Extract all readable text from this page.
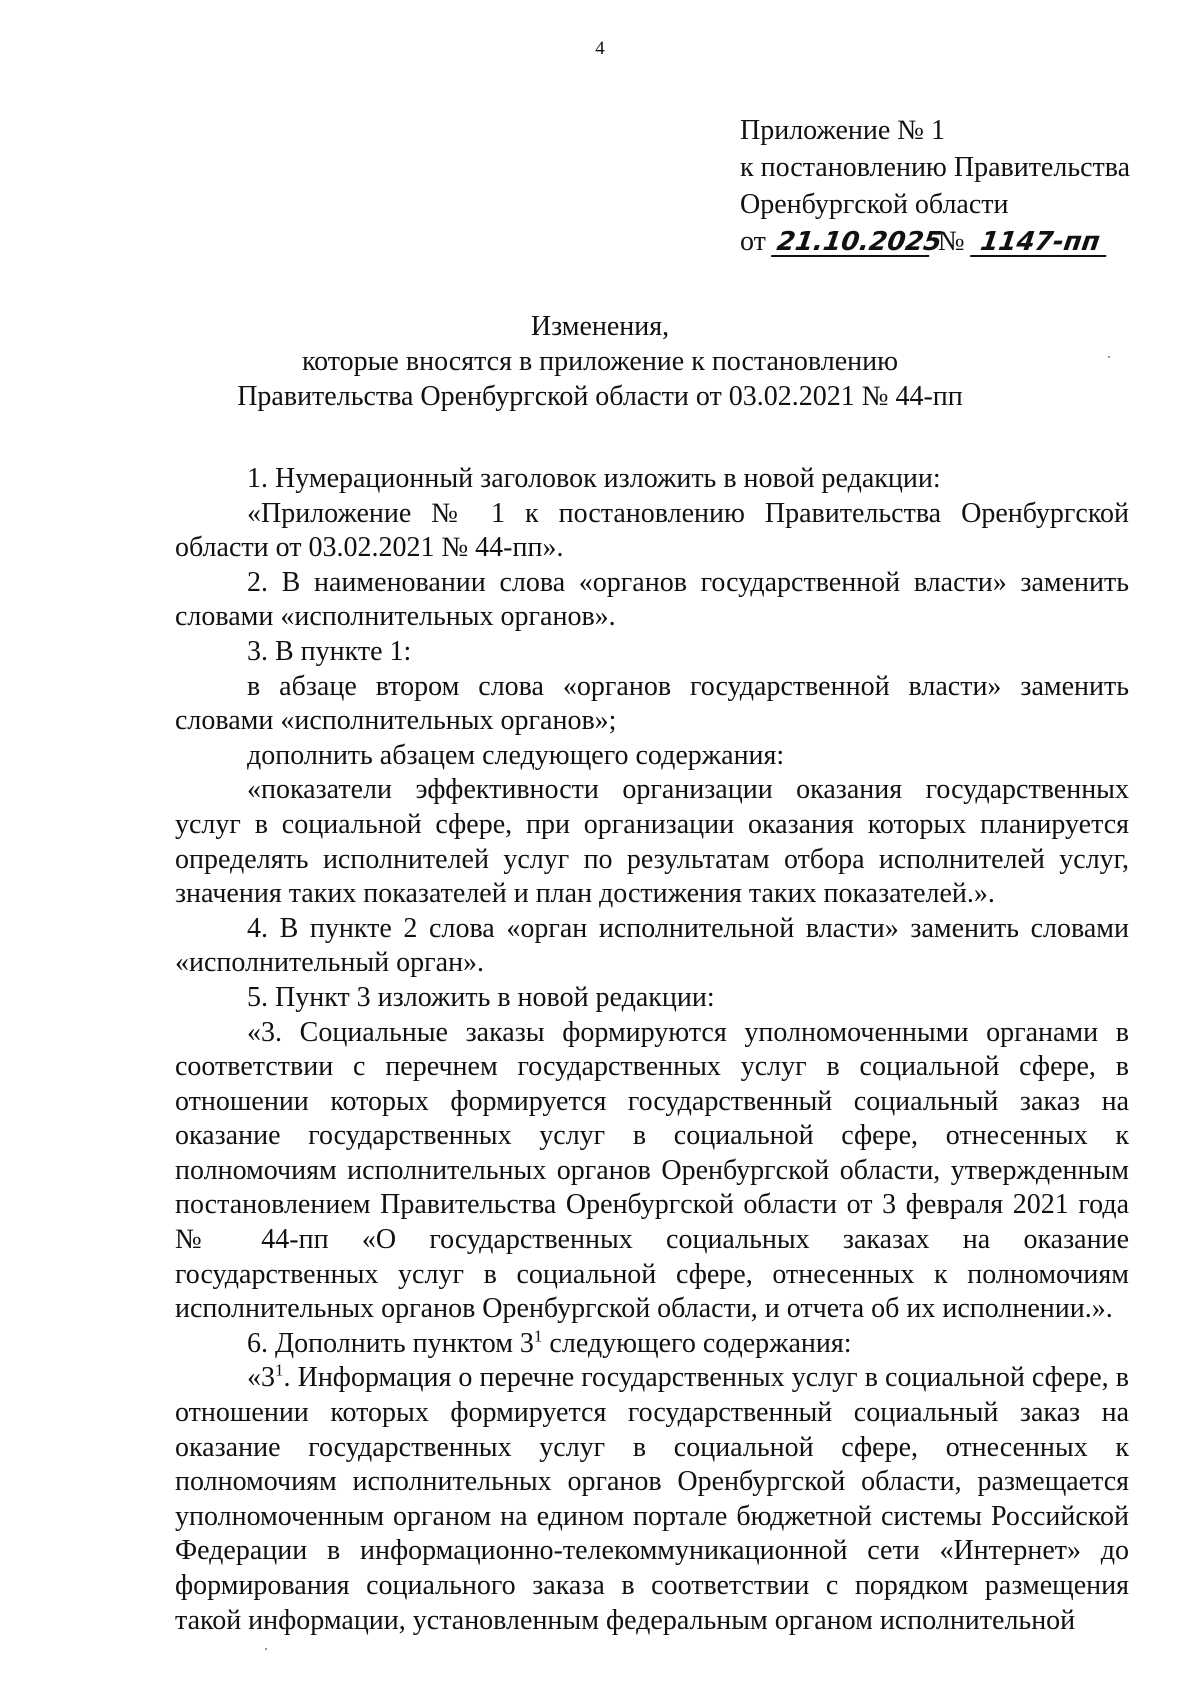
4
Приложение № 1
к постановлению Правительства
Оренбургской области
от 21.10.2025 № 1147-пп
Изменения,
которые вносятся в приложение к постановлению
Правительства Оренбургской области от 03.02.2021 № 44-пп

1. Нумерационный заголовок изложить в новой редакции:

«Приложение № 1 к постановлению Правительства Оренбургской области от 03.02.2021 № 44-пп».

2. В наименовании слова «органов государственной власти» заменить словами «исполнительных органов».

3. В пункте 1:

в абзаце втором слова «органов государственной власти» заменить словами «исполнительных органов»;

дополнить абзацем следующего содержания:

«показатели эффективности организации оказания государственных услуг в социальной сфере, при организации оказания которых планируется определять исполнителей услуг по результатам отбора исполнителей услуг, значения таких показателей и план достижения таких показателей.».

4. В пункте 2 слова «орган исполнительной власти» заменить словами «исполнительный орган».

5. Пункт 3 изложить в новой редакции:

«3. Социальные заказы формируются уполномоченными органами в соответствии с перечнем государственных услуг в социальной сфере, в отношении которых формируется государственный социальный заказ на оказание государственных услуг в социальной сфере, отнесенных к полномочиям исполнительных органов Оренбургской области, утвержденным постановлением Правительства Оренбургской области от 3 февраля 2021 года № 44-пп «О государственных социальных заказах на оказание государственных услуг в социальной сфере, отнесенных к полномочиям исполнительных органов Оренбургской области, и отчета об их исполнении.».

6. Дополнить пунктом $3^1$ следующего содержания:

«$3^1$. Информация о перечне государственных услуг в социальной сфере, в отношении которых формируется государственный социальный заказ на оказание государственных услуг в социальной сфере, отнесенных к полномочиям исполнительных органов Оренбургской области, размещается уполномоченным органом на едином портале бюджетной системы Российской Федерации в информационно-телекоммуникационной сети «Интернет» до формирования социального заказа в соответствии с порядком размещения такой информации, установленным федеральным органом исполнительной
